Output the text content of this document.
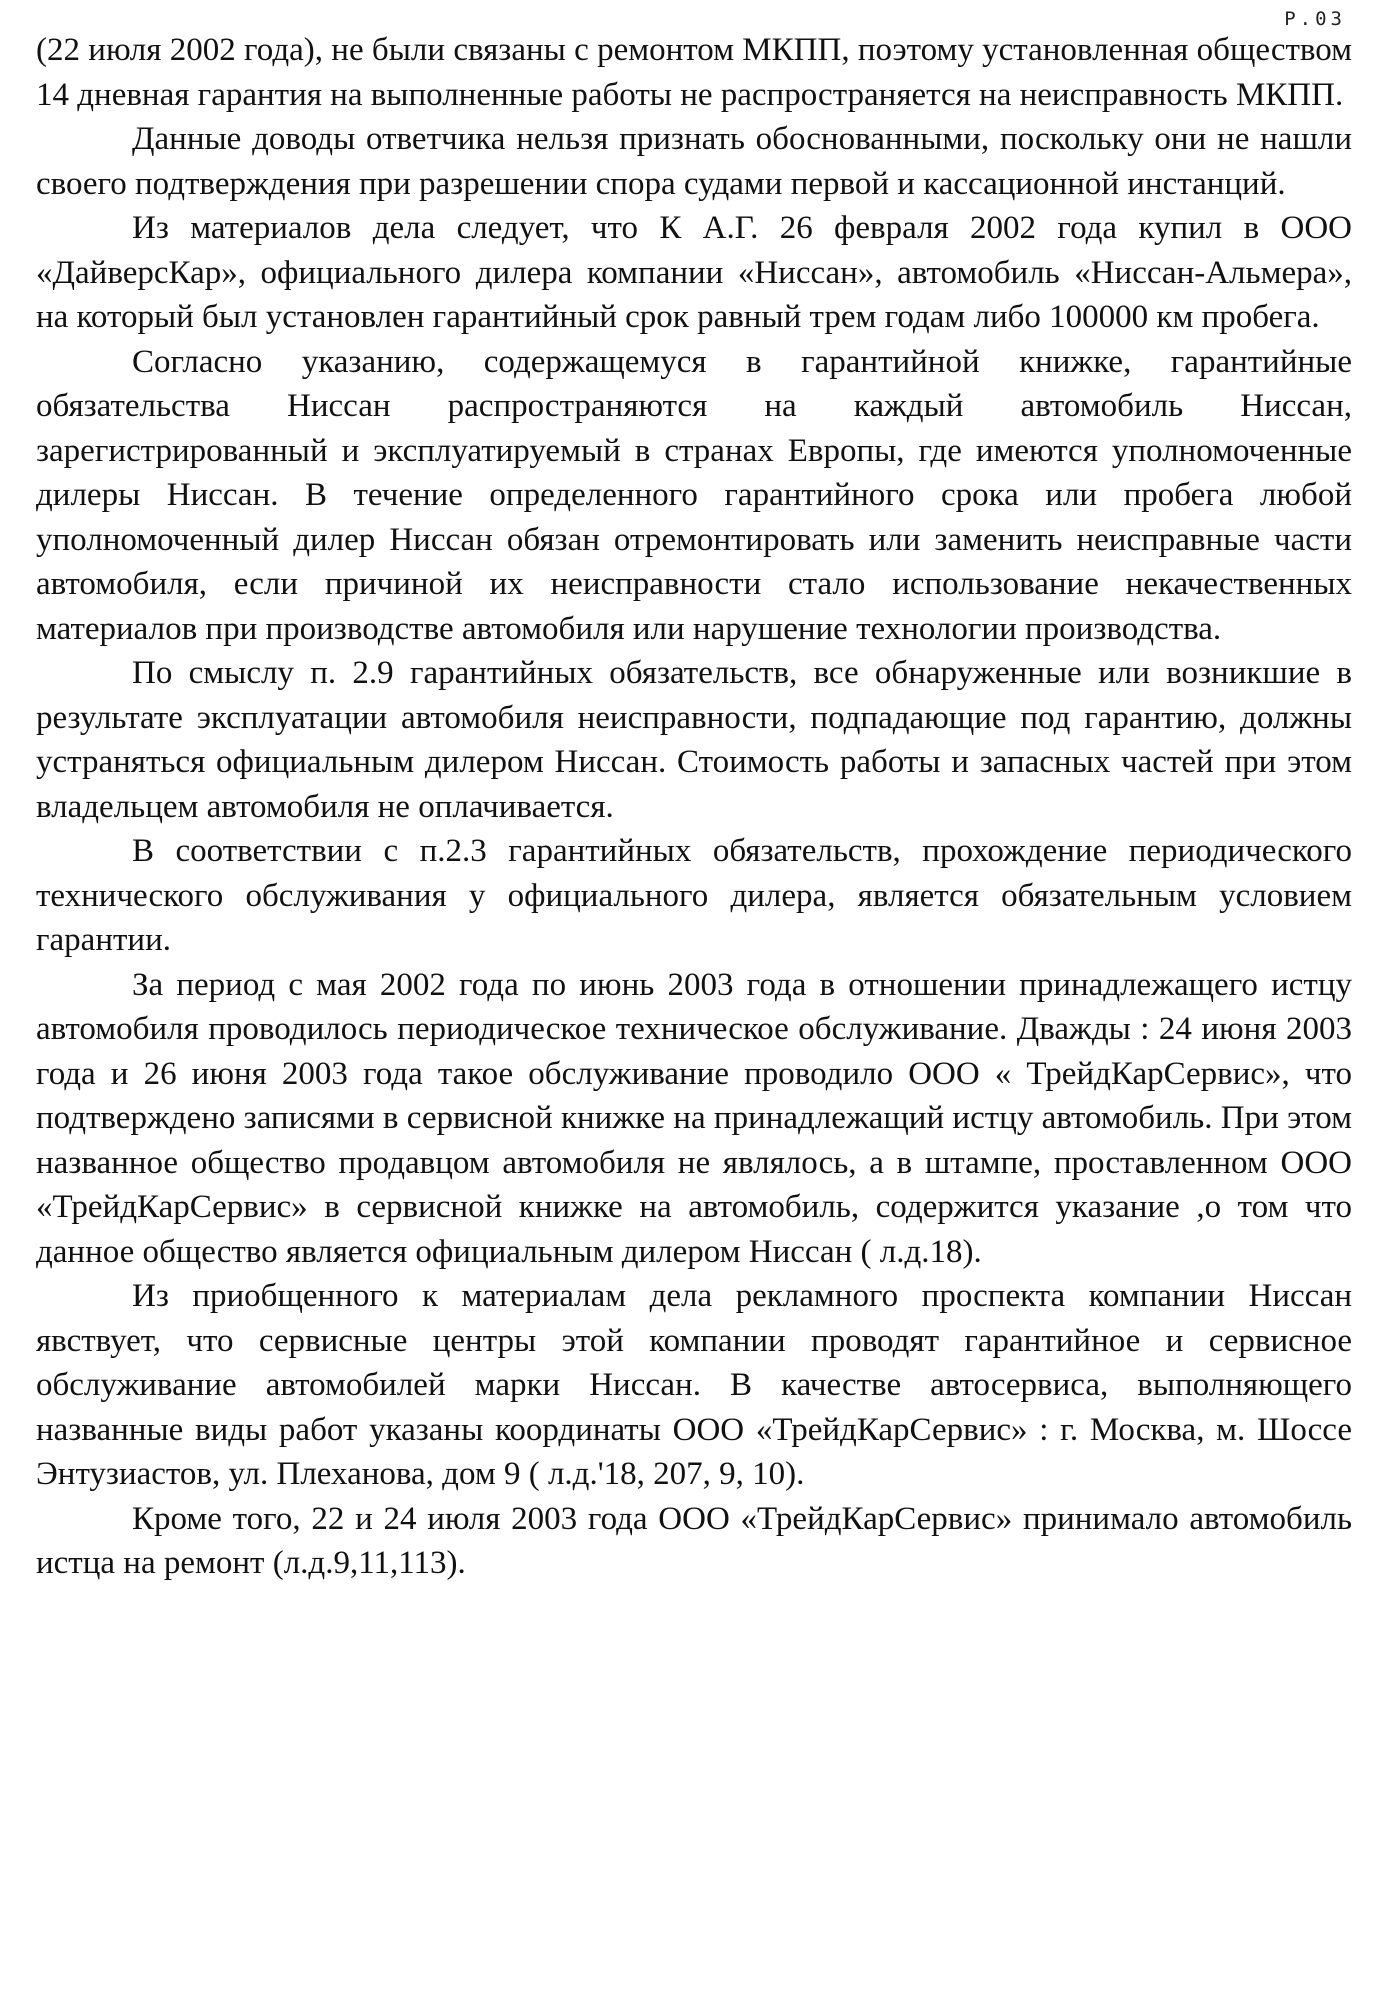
P.03

(22 июля 2002 года), не были связаны с ремонтом МКПП, поэтому установленная обществом 14 дневная гарантия на выполненные работы не распространяется на неисправность МКПП.

Данные доводы ответчика нельзя признать обоснованными, поскольку они не нашли своего подтверждения при разрешении спора судами первой и кассационной инстанций.

Из материалов дела следует, что К А.Г. 26 февраля 2002 года купил в ООО «ДайверсКар», официального дилера компании «Ниссан», автомобиль «Ниссан-Альмера», на который был установлен гарантийный срок равный трем годам либо 100000 км пробега.

Согласно указанию, содержащемуся в гарантийной книжке, гарантийные обязательства Ниссан распространяются на каждый автомобиль Ниссан, зарегистрированный и эксплуатируемый в странах Европы, где имеются уполномоченные дилеры Ниссан. В течение определенного гарантийного срока или пробега любой уполномоченный дилер Ниссан обязан отремонтировать или заменить неисправные части автомобиля, если причиной их неисправности стало использование некачественных материалов при производстве автомобиля или нарушение технологии производства.

По смыслу п. 2.9 гарантийных обязательств, все обнаруженные или возникшие в результате эксплуатации автомобиля неисправности, подпадающие под гарантию, должны устраняться официальным дилером Ниссан. Стоимость работы и запасных частей при этом владельцем автомобиля не оплачивается.

В соответствии с п.2.3 гарантийных обязательств, прохождение периодического технического обслуживания у официального дилера, является обязательным условием гарантии.

За период с мая 2002 года по июнь 2003 года в отношении принадлежащего истцу автомобиля проводилось периодическое техническое обслуживание. Дважды : 24 июня 2003 года и 26 июня 2003 года такое обслуживание проводило ООО « ТрейдКарСервис», что подтверждено записями в сервисной книжке на принадлежащий истцу автомобиль. При этом названное общество продавцом автомобиля не являлось, а в штампе, проставленном ООО «ТрейдКарСервис» в сервисной книжке на автомобиль, содержится указание ,о том что данное общество является официальным дилером Ниссан ( л.д.18).

Из приобщенного к материалам дела рекламного проспекта компании Ниссан явствует, что сервисные центры этой компании проводят гарантийное и сервисное обслуживание автомобилей марки Ниссан. В качестве автосервиса, выполняющего названные виды работ указаны координаты ООО «ТрейдКарСервис» : г. Москва, м. Шоссе Энтузиастов, ул. Плеханова, дом 9 ( л.д.'18, 207, 9, 10).

Кроме того, 22 и 24 июля 2003 года ООО «ТрейдКарСервис» принимало автомобиль истца на ремонт (л.д.9,11,113).
